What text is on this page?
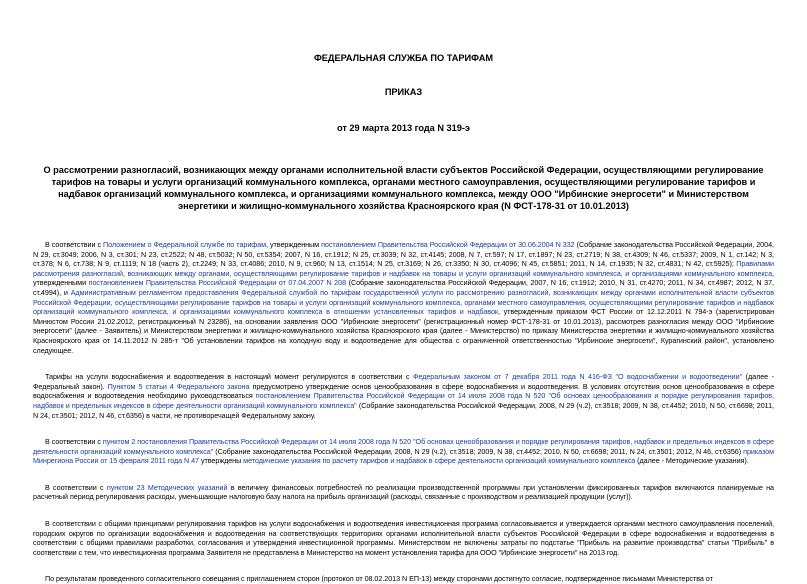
ФЕДЕРАЛЬНАЯ СЛУЖБА ПО ТАРИФАМ
ПРИКАЗ
от 29 марта 2013 года N 319-э
О рассмотрении разногласий, возникающих между органами исполнительной власти субъектов Российской Федерации, осуществляющими регулирование тарифов на товары и услуги организаций коммунального комплекса, органами местного самоуправления, осуществляющими регулирование тарифов и надбавок организаций коммунального комплекса, и организациями коммунального комплекса, между ООО "Ирбинские энергосети" и Министерством энергетики и жилищно-коммунального хозяйства Красноярского края (N ФСТ-178-31 от 10.01.2013)

В соответствии с Положением о Федеральной службе по тарифам, утвержденным постановлением Правительства Российской Федерации от 30.06.2004 N 332 (Собрание законодательства Российской Федерации, 2004, N 29, ст.3049; 2006, N 3, ст.301; N 23, ст.2522; N 48, ст.5032; N 50, ст.5354; 2007, N 16, ст.1912; N 25, ст.3039; N 32, ст.4145; 2008, N 7, ст.597; N 17, ст.1897; N 23, ст.2719; N 38, ст.4309; N 46, ст.5337; 2009, N 1, ст.142; N 3, ст.378; N 6, ст.738; N 9, ст.1119; N 18 (часть 2), ст.2249; N 33, ст.4086; 2010, N 9, ст.960; N 13, ст.1514; N 25, ст.3169; N 26, ст.3350; N 30, ст.4096; N 45, ст.5851; 2011, N 14, ст.1935; N 32, ст.4831; N 42, ст.5925); Правилами рассмотрения разногласий, возникающих между органами, осуществляющими регулирование тарифов и надбавок на товары и услуги организаций коммунального комплекса, и организациями коммунального комплекса, утвержденными постановлением Правительства Российской Федерации от 07.04.2007 N 208 (Собрание законодательства Российской Федерации, 2007, N 16, ст.1912; 2010, N 31, ст.4270; 2011, N 34, ст.4987; 2012, N 37, ст.4994), и Административным регламентом предоставления Федеральной службой по тарифам государственной услуги по рассмотрению разногласий, возникающих между органами исполнительной власти субъектов Российской Федерации, осуществляющими регулирование тарифов на товары и услуги организаций коммунального комплекса, органами местного самоуправления, осуществляющими регулирование тарифов и надбавок организаций коммунального комплекса, и организациями коммунального комплекса в отношении установленных тарифов и надбавок, утвержденным приказом ФСТ России от 12.12.2011 N 794-э (зарегистрирован Минюстом России 21.02.2012, регистрационный N 23286), на основании заявления ООО "Ирбинские энергосети" (регистрационный номер ФСТ-178-31 от 10.01.2013), рассмотрев разногласия между ООО "Ирбинские энергосети" (далее - Заявитель) и Министерством энергетики и жилищно-коммунального хозяйства Красноярского края (далее - Министерство) по приказу Министерства энергетики и жилищно-коммунального хозяйства Красноярского края от 14.11.2012 N 285-т "Об установлении тарифов на холодную воду и водоотведение для общества с ограниченной ответственностью "Ирбинские энергосети", Курагинский район", установлено следующее.

Тарифы на услуги водоснабжения и водоотведения в настоящий момент регулируются в соответствии с Федеральным законом от 7 декабря 2011 года N 416-ФЗ "О водоснабжении и водоотведении" (далее - Федеральный закон). Пунктом 5 статьи 4 Федерального закона предусмотрено утверждение основ ценообразования в сфере водоснабжения и водоотведения. В условиях отсутствия основ ценообразования в сфере водоснабжения и водоотведения необходимо руководствоваться постановлением Правительства Российской Федерации от 14 июля 2008 года N 520 "Об основах ценообразования и порядке регулирования тарифов, надбавок и предельных индексов в сфере деятельности организаций коммунального комплекса" (Собрание законодательства Российской Федерации, 2008, N 29 (ч.2), ст.3518; 2009, N 38, ст.4452; 2010, N 50, ст.6698; 2011, N 24, ст.3501; 2012, N 46, ст.6356) в части, не противоречащей Федеральному закону.

В соответствии с пунктом 2 постановления Правительства Российской Федерации от 14 июля 2008 года N 520 "Об основах ценообразования и порядке регулирования тарифов, надбавок и предельных индексов в сфере деятельности организаций коммунального комплекса" (Собрание законодательства Российской Федерации, 2008, N 29 (ч.2), ст.3518; 2009, N 38, ст.4452; 2010, N 50, ст.6698; 2011, N 24, ст.3501; 2012, N 46, ст.6356) приказом Минрегиона России от 15 февраля 2011 года N 47 утверждены методические указания по расчету тарифов и надбавок в сфере деятельности организаций коммунального комплекса (далее - Методические указания).

В соответствии с пунктом 23 Методических указаний в величину финансовых потребностей по реализации производственной программы при установлении фиксированных тарифов включаются планируемые на расчетный период регулирования расходы, уменьшающие налоговую базу налога на прибыль организаций (расходы, связанные с производством и реализацией продукции (услуг)).

В соответствии с общими принципами регулирования тарифов на услуги водоснабжения и водоотведения инвестиционная программа согласовывается и утверждается органами местного самоуправления поселений, городских округов по организации водоснабжения и водоотведения на соответствующих территориях органами исполнительной власти субъектов Российской Федерации в сфере водоснабжения и водоотведения в соответствии с общими правилами разработки, согласования и утверждения инвестиционной программы. Министерством не включены затраты по подстатье "Прибыль на развитие производства" статьи "Прибыль" в соответствии с тем, что инвестиционная программа Заявителя не представлена в Министерство на момент установления тарифа для ООО "Ирбинские энергосети" на 2013 год.

По результатам проведенного согласительного совещания с приглашением сторон (протокол от 08.02.2013 N ЕП-13) между сторонами достигнуто согласие, подтвержденное письмами Министерства от
